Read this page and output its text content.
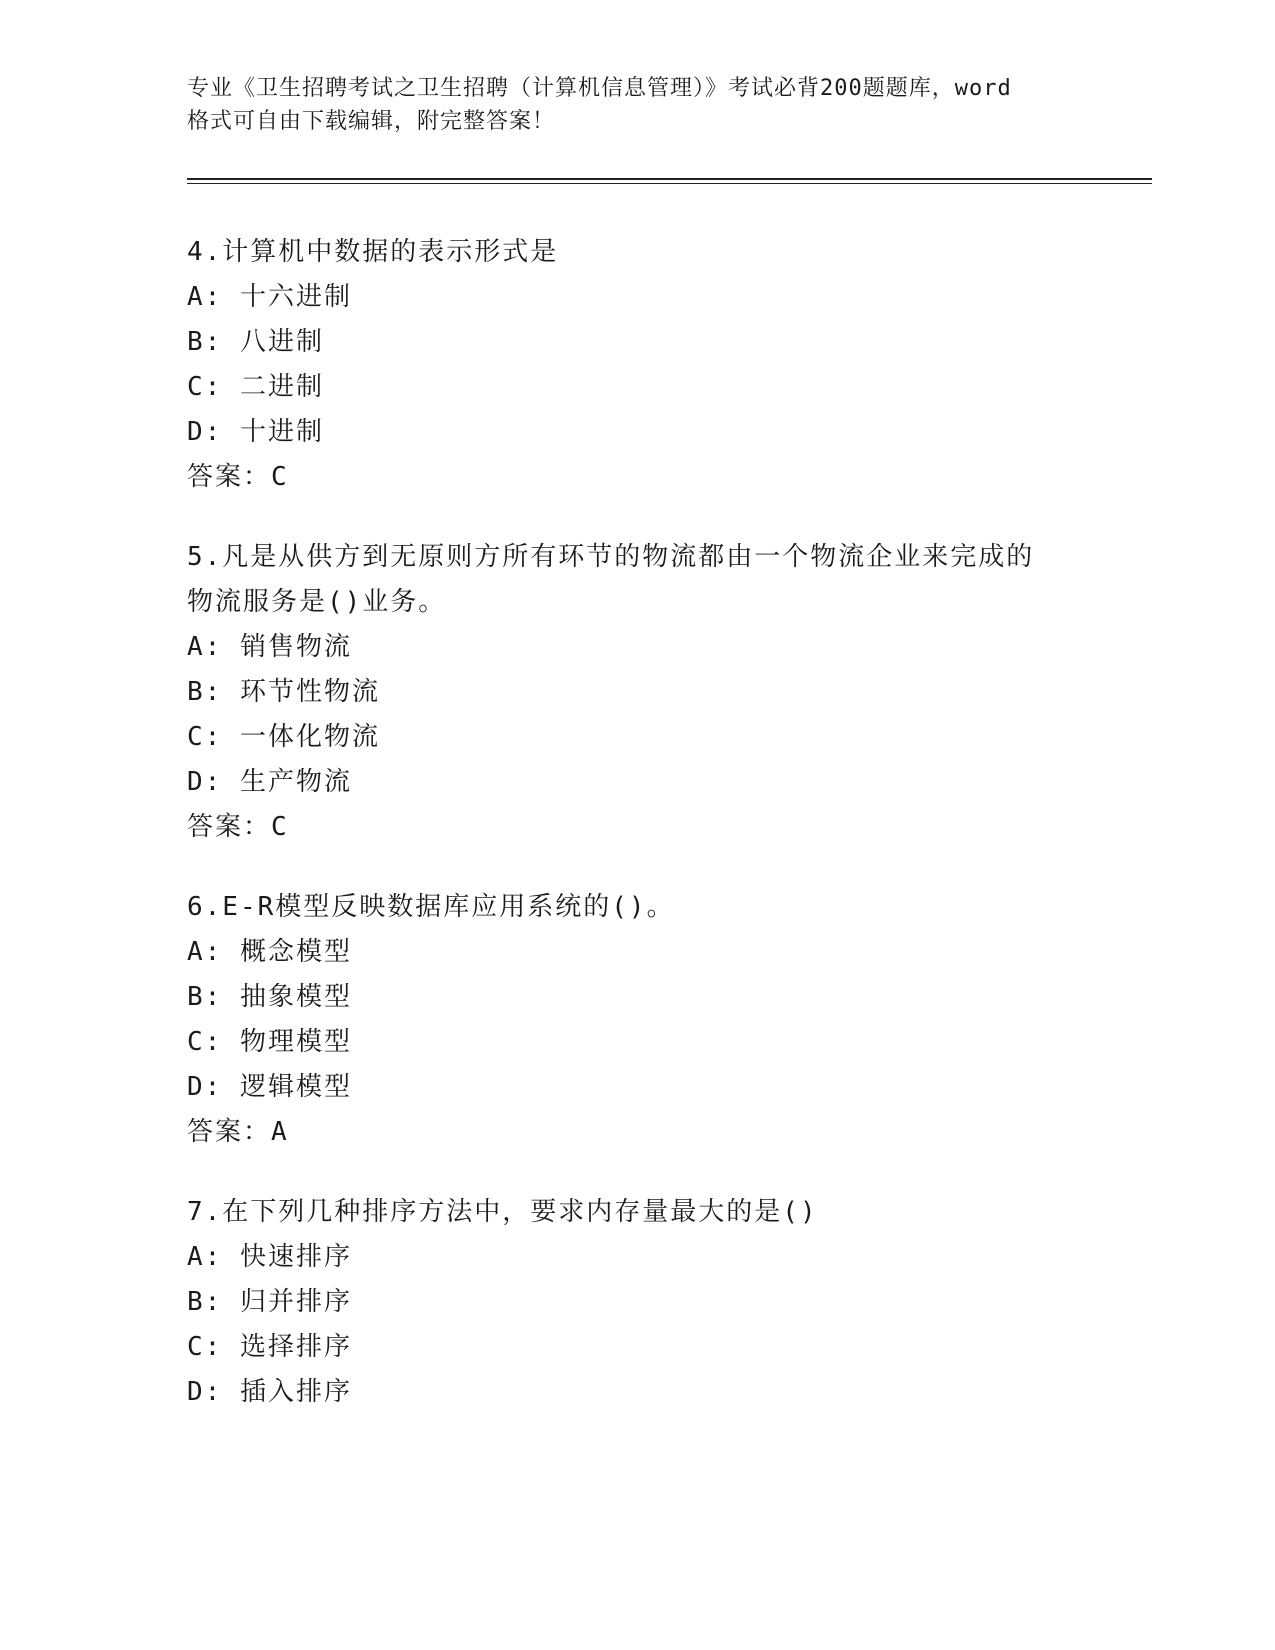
专业《卫生招聘考试之卫生招聘（计算机信息管理）》考试必背200题题库，word
格式可自由下载编辑，附完整答案！
4.计算机中数据的表示形式是
A: 十六进制
B: 八进制
C: 二进制
D: 十进制
答案：C
5.凡是从供方到无原则方所有环节的物流都由一个物流企业来完成的
物流服务是()业务。
A: 销售物流
B: 环节性物流
C: 一体化物流
D: 生产物流
答案：C
6.E-R模型反映数据库应用系统的()。
A: 概念模型
B: 抽象模型
C: 物理模型
D: 逻辑模型
答案：A
7.在下列几种排序方法中，要求内存量最大的是()
A: 快速排序
B: 归并排序
C: 选择排序
D: 插入排序
